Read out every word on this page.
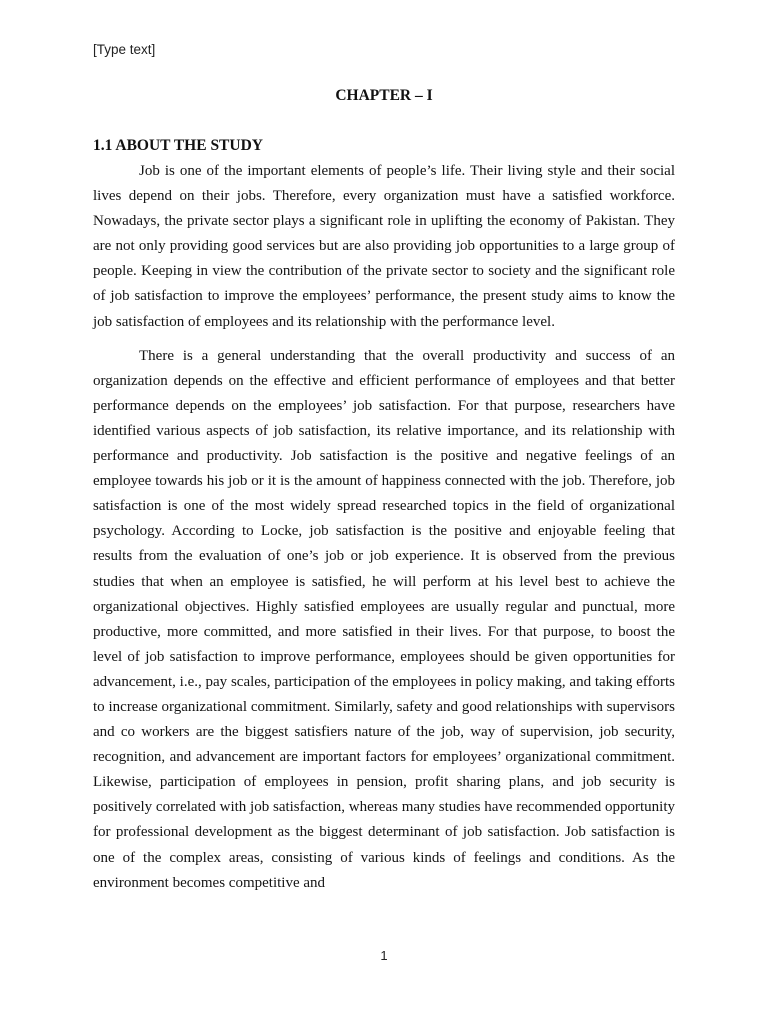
[Type text]
CHAPTER – I
1.1 ABOUT THE STUDY

Job is one of the important elements of people’s life. Their living style and their social lives depend on their jobs. Therefore, every organization must have a satisfied workforce. Nowadays, the private sector plays a significant role in uplifting the economy of Pakistan. They are not only providing good services but are also providing job opportunities to a large group of people. Keeping in view the contribution of the private sector to society and the significant role of job satisfaction to improve the employees’ performance, the present study aims to know the job satisfaction of employees and its relationship with the performance level.

There is a general understanding that the overall productivity and success of an organization depends on the effective and efficient performance of employees and that better performance depends on the employees’ job satisfaction. For that purpose, researchers have identified various aspects of job satisfaction, its relative importance, and its relationship with performance and productivity. Job satisfaction is the positive and negative feelings of an employee towards his job or it is the amount of happiness connected with the job. Therefore, job satisfaction is one of the most widely spread researched topics in the field of organizational psychology. According to Locke, job satisfaction is the positive and enjoyable feeling that results from the evaluation of one’s job or job experience. It is observed from the previous studies that when an employee is satisfied, he will perform at his level best to achieve the organizational objectives. Highly satisfied employees are usually regular and punctual, more productive, more committed, and more satisfied in their lives. For that purpose, to boost the level of job satisfaction to improve performance, employees should be given opportunities for advancement, i.e., pay scales, participation of the employees in policy making, and taking efforts to increase organizational commitment. Similarly, safety and good relationships with supervisors and co workers are the biggest satisfiers nature of the job, way of supervision, job security, recognition, and advancement are important factors for employees’ organizational commitment. Likewise, participation of employees in pension, profit sharing plans, and job security is positively correlated with job satisfaction, whereas many studies have recommended opportunity for professional development as the biggest determinant of job satisfaction. Job satisfaction is one of the complex areas, consisting of various kinds of feelings and conditions. As the environment becomes competitive and

1
